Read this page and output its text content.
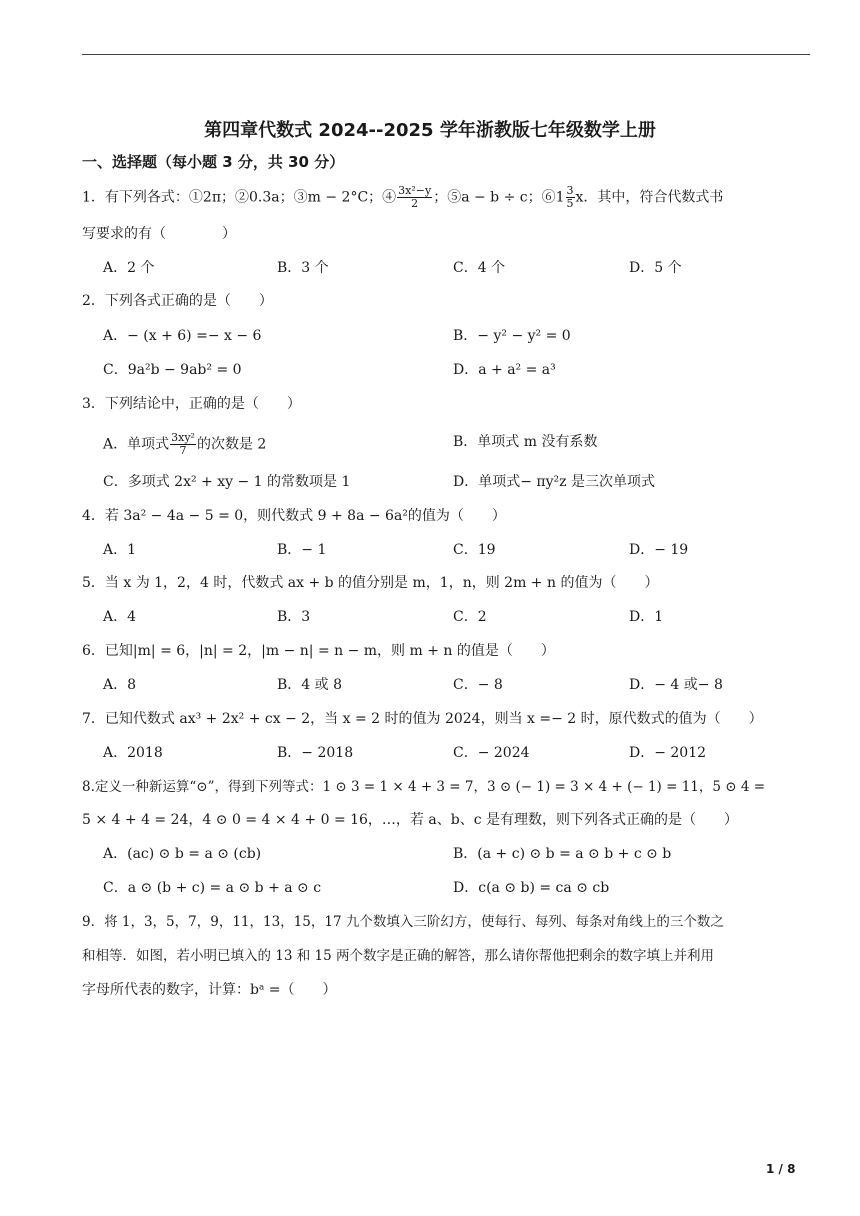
第四章代数式 2024--2025 学年浙教版七年级数学上册
一、选择题（每小题 3 分，共 30 分）
1．有下列各式：①2π；②0.3a；③m − 2°C；④ $\frac{\text{3x²−y}}{2}$ ；⑤a − b ÷ c；⑥1 $\frac{3}{5}$ x．其中，符合代数式书
写要求的有（　　　　）
A．2 个	B．3 个	C．4 个	D．5 个
2．下列各式正确的是（　　）
A．− (x + 6) =− x − 6	B．− y² − y² = 0
C．9a²b − 9ab² = 0	D．a + a² = a³
3．下列结论中，正确的是（　　）
A．单项式 $\frac{\text{3xy²}}{7}$ 的次数是 2	B．单项式 m 没有系数
C．多项式 2x² + xy − 1 的常数项是 1	D．单项式− πy²z 是三次单项式
4．若 3a² − 4a − 5 = 0，则代数式 9 + 8a − 6a²的值为（　　）
A．1	B．− 1	C．19	D．− 19
5．当 x 为 1，2，4 时，代数式 ax + b 的值分别是 m，1，n，则 2m + n 的值为（　　）
A．4	B．3	C．2	D．1
6．已知|m| = 6，|n| = 2，|m − n| = n − m，则 m + n 的值是（　　）
A．8	B．4 或 8	C．− 8	D．− 4 或− 8
7．已知代数式 ax³ + 2x² + cx − 2，当 x = 2 时的值为 2024，则当 x =− 2 时，原代数式的值为（　　）
A．2018	B．− 2018	C．− 2024	D．− 2012
8.定义一种新运算“⊙”，得到下列等式：1 ⊙ 3 = 1 × 4 + 3 = 7，3 ⊙ (− 1) = 3 × 4 + (− 1) = 11，5 ⊙ 4 =
5 × 4 + 4 = 24，4 ⊙ 0 = 4 × 4 + 0 = 16，…，若 a、b、c 是有理数，则下列各式正确的是（　　）
A．(ac) ⊙ b = a ⊙ (cb)	B．(a + c) ⊙ b = a ⊙ b + c ⊙ b
C．a ⊙ (b + c) = a ⊙ b + a ⊙ c	D．c(a ⊙ b) = ca ⊙ cb
9．将 1，3，5，7，9，11，13，15，17 九个数填入三阶幻方，使每行、每列、每条对角线上的三个数之
和相等．如图，若小明已填入的 13 和 15 两个数字是正确的解答，那么请你帮他把剩余的数字填上并利用
字母所代表的数字，计算：bᵃ =（　　）
1 / 8
